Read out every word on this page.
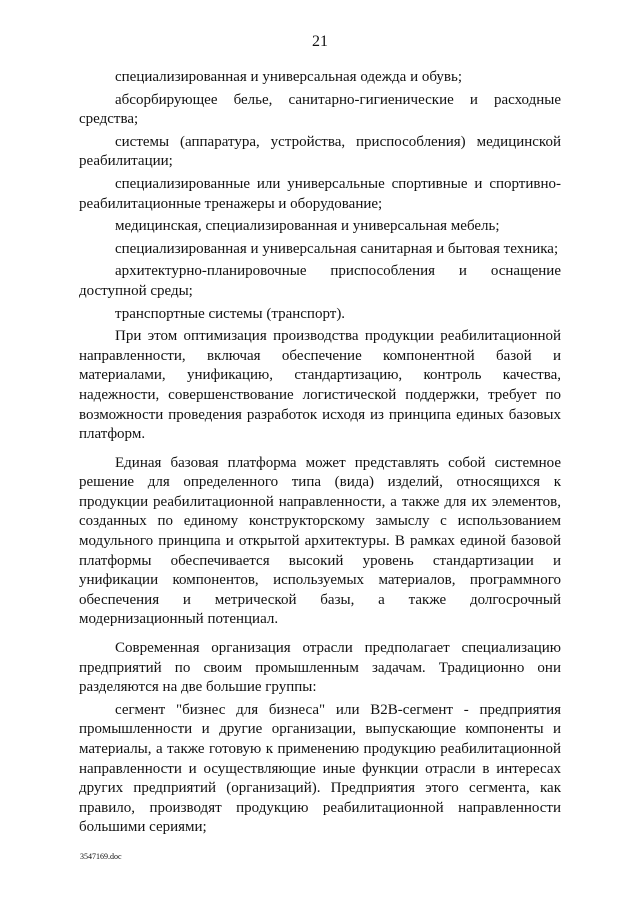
21

специализированная и универсальная одежда и обувь;

абсорбирующее белье, санитарно-гигиенические и расходные средства;

системы (аппаратура, устройства, приспособления) медицинской реабилитации;

специализированные или универсальные спортивные и спортивно-реабилитационные тренажеры и оборудование;

медицинская, специализированная и универсальная мебель;

специализированная и универсальная санитарная и бытовая техника;

архитектурно-планировочные приспособления и оснащение доступной среды;

транспортные системы (транспорт).

При этом оптимизация производства продукции реабилитационной направленности, включая обеспечение компонентной базой и материалами, унификацию, стандартизацию, контроль качества, надежности, совершенствование логистической поддержки, требует по возможности проведения разработок исходя из принципа единых базовых платформ.

Единая базовая платформа может представлять собой системное решение для определенного типа (вида) изделий, относящихся к продукции реабилитационной направленности, а также для их элементов, созданных по единому конструкторскому замыслу с использованием модульного принципа и открытой архитектуры. В рамках единой базовой платформы обеспечивается высокий уровень стандартизации и унификации компонентов, используемых материалов, программного обеспечения и метрической базы, а также долгосрочный модернизационный потенциал.

Современная организация отрасли предполагает специализацию предприятий по своим промышленным задачам. Традиционно они разделяются на две большие группы:

сегмент "бизнес для бизнеса" или B2B-сегмент - предприятия промышленности и другие организации, выпускающие компоненты и материалы, а также готовую к применению продукцию реабилитационной направленности и осуществляющие иные функции отрасли в интересах других предприятий (организаций). Предприятия этого сегмента, как правило, производят продукцию реабилитационной направленности большими сериями;

3547169.doc
